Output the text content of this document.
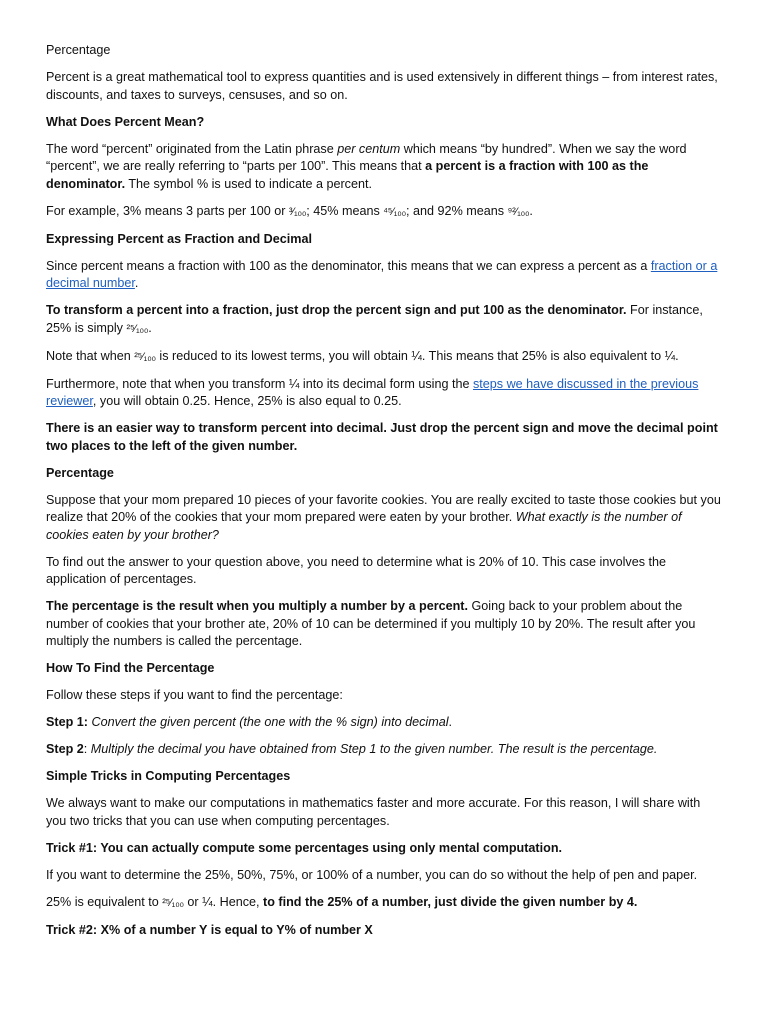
Percentage

Percent is a great mathematical tool to express quantities and is used extensively in different things – from interest rates, discounts, and taxes to surveys, censuses, and so on.

What Does Percent Mean?

The word “percent” originated from the Latin phrase per centum which means “by hundred”. When we say the word “percent”, we are really referring to “parts per 100”. This means that a percent is a fraction with 100 as the denominator. The symbol % is used to indicate a percent.

For example, 3% means 3 parts per 100 or ³⁄₁₀₀; 45% means ⁴⁵⁄₁₀₀; and 92% means ⁹²⁄₁₀₀.

Expressing Percent as Fraction and Decimal

Since percent means a fraction with 100 as the denominator, this means that we can express a percent as a fraction or a decimal number.

To transform a percent into a fraction, just drop the percent sign and put 100 as the denominator. For instance, 25% is simply ²⁵⁄₁₀₀.

Note that when ²⁵⁄₁₀₀ is reduced to its lowest terms, you will obtain ¼. This means that 25% is also equivalent to ¼.

Furthermore, note that when you transform ¼ into its decimal form using the steps we have discussed in the previous reviewer, you will obtain 0.25. Hence, 25% is also equal to 0.25.

There is an easier way to transform percent into decimal. Just drop the percent sign and move the decimal point two places to the left of the given number.

Percentage

Suppose that your mom prepared 10 pieces of your favorite cookies. You are really excited to taste those cookies but you realize that 20% of the cookies that your mom prepared were eaten by your brother. What exactly is the number of cookies eaten by your brother?

To find out the answer to your question above, you need to determine what is 20% of 10. This case involves the application of percentages.

The percentage is the result when you multiply a number by a percent. Going back to your problem about the number of cookies that your brother ate, 20% of 10 can be determined if you multiply 10 by 20%. The result after you multiply the numbers is called the percentage.

How To Find the Percentage

Follow these steps if you want to find the percentage:

Step 1: Convert the given percent (the one with the % sign) into decimal.

Step 2: Multiply the decimal you have obtained from Step 1 to the given number. The result is the percentage.

Simple Tricks in Computing Percentages

We always want to make our computations in mathematics faster and more accurate. For this reason, I will share with you two tricks that you can use when computing percentages.

Trick #1: You can actually compute some percentages using only mental computation.

If you want to determine the 25%, 50%, 75%, or 100% of a number, you can do so without the help of pen and paper.

25% is equivalent to ²⁵⁄₁₀₀ or ¼. Hence, to find the 25% of a number, just divide the given number by 4.

Trick #2: X% of a number Y is equal to Y% of number X
